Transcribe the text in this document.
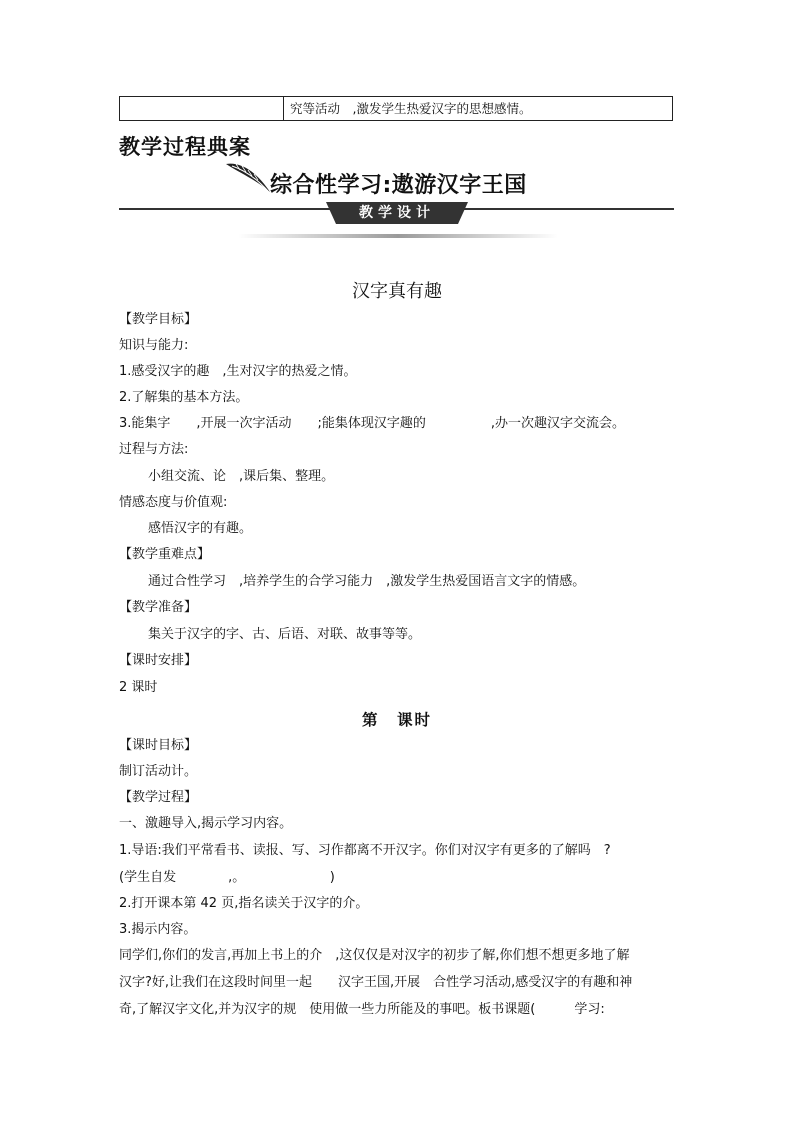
究等活动　,激发学生热爱汉字的思想感情。
教学过程典案
综合性学习:遨游汉字王国
教学设计
汉字真有趣
【教学目标】
知识与能力:
1.感受汉字的趣　,生对汉字的热爱之情。
2.了解集的基本方法。
3.能集字　　,开展一次字活动　　;能集体现汉字趣的　　　　　,办一次趣汉字交流会。
过程与方法:
小组交流、论　,课后集、整理。
情感态度与价值观:
感悟汉字的有趣。
【教学重难点】
通过合性学习　,培养学生的合学习能力　,激发学生热爱国语言文字的情感。
【教学准备】
集关于汉字的字、古、后语、对联、故事等等。
【课时安排】
2 课时
第　课时
【课时目标】
制订活动计。
【教学过程】
一、激趣导入,揭示学习内容。
1.导语:我们平常看书、读报、写、习作都离不开汉字。你们对汉字有更多的了解吗　?
(学生自发　　　　,。　　　　　　　)
2.打开课本第 42 页,指名读关于汉字的介。
3.揭示内容。
同学们,你们的发言,再加上书上的介　,这仅仅是对汉字的初步了解,你们想不想更多地了解
汉字?好,让我们在这段时间里一起　　汉字王国,开展　合性学习活动,感受汉字的有趣和神
奇,了解汉字文化,并为汉字的规　使用做一些力所能及的事吧。板书课题(　　　学习:
